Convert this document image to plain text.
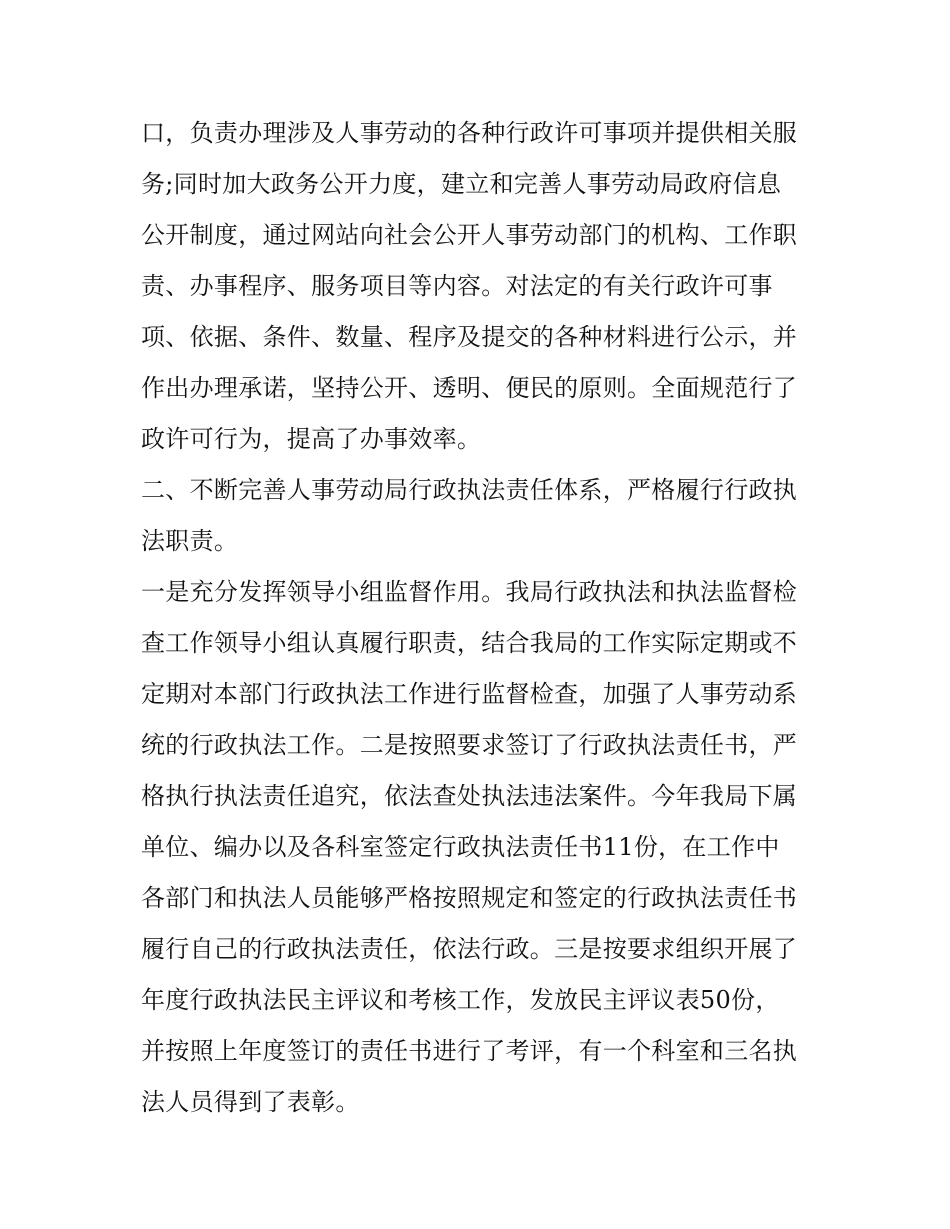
口，负责办理涉及人事劳动的各种行政许可事项并提供相关服
务;同时加大政务公开力度，建立和完善人事劳动局政府信息
公开制度，通过网站向社会公开人事劳动部门的机构、工作职
责、办事程序、服务项目等内容。对法定的有关行政许可事
项、依据、条件、数量、程序及提交的各种材料进行公示，并
作出办理承诺，坚持公开、透明、便民的原则。全面规范行了
政许可行为，提高了办事效率。
二、不断完善人事劳动局行政执法责任体系，严格履行行政执
法职责。
一是充分发挥领导小组监督作用。我局行政执法和执法监督检
查工作领导小组认真履行职责，结合我局的工作实际定期或不
定期对本部门行政执法工作进行监督检查，加强了人事劳动系
统的行政执法工作。二是按照要求签订了行政执法责任书，严
格执行执法责任追究，依法查处执法违法案件。今年我局下属
单位、编办以及各科室签定行政执法责任书11份，在工作中
各部门和执法人员能够严格按照规定和签定的行政执法责任书
履行自己的行政执法责任，依法行政。三是按要求组织开展了
年度行政执法民主评议和考核工作，发放民主评议表50份，
并按照上年度签订的责任书进行了考评，有一个科室和三名执
法人员得到了表彰。
